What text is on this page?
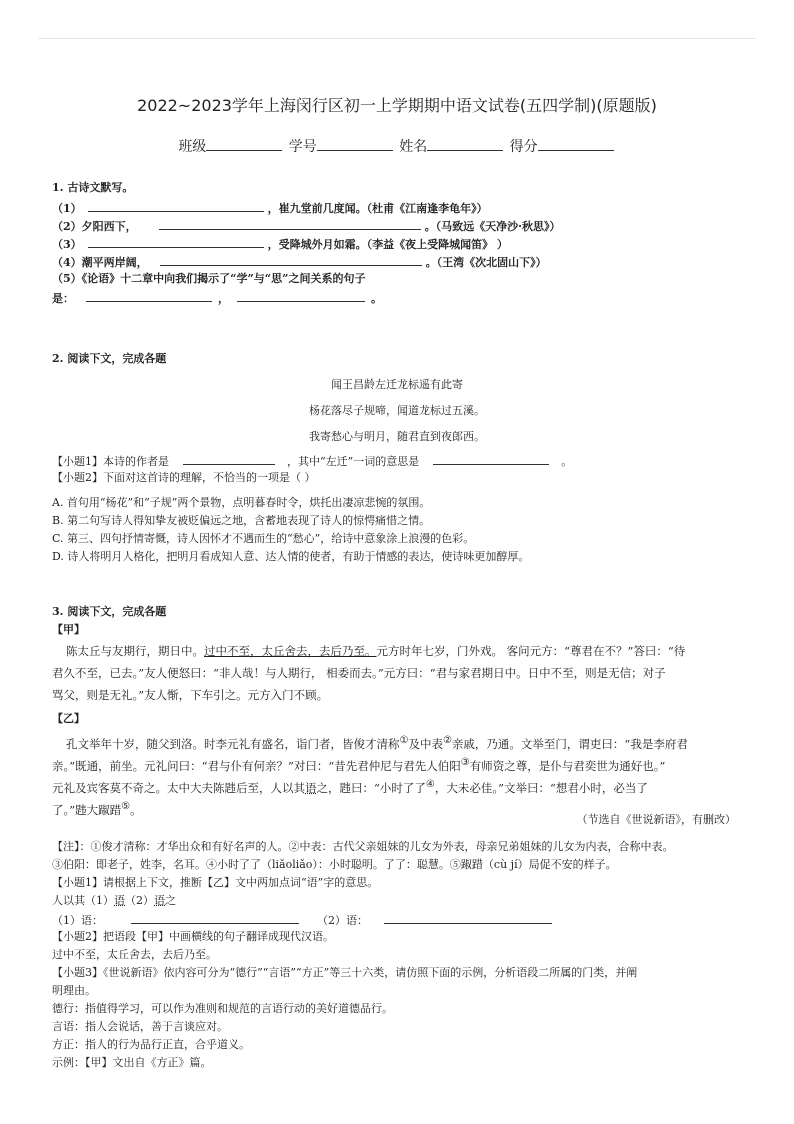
2022~2023学年上海闵行区初一上学期期中语文试卷(五四学制)(原题版)
班级	学号	姓名	得分
1. 古诗文默写。
（1）	，崔九堂前几度闻。（杜甫《江南逢李龟年》）
（2）夕阳西下，	。（马致远《天净沙·秋思》）
（3）	，受降城外月如霜。（李益《夜上受降城闻笛》 ）
（4）潮平两岸阔，	。（王湾《次北固山下》）
（5）《论语》十二章中向我们揭示了“学”与“思”之间关系的句子
是：	，	。
2. 阅读下文，完成各题
闻王昌龄左迁龙标遥有此寄
杨花落尽子规啼，闻道龙标过五溪。
我寄愁心与明月，随君直到夜郎西。
【小题1】本诗的作者是	，其中“左迁”一词的意思是	。
【小题2】下面对这首诗的理解，不恰当的一项是（ ）
A. 首句用“杨花”和“子规”两个景物，点明暮春时令，烘托出凄凉悲惋的氛围。
B. 第二句写诗人得知挚友被贬偏远之地，含蓄地表现了诗人的惊愕痛惜之情。
C. 第三、四句抒情寄慨，诗人因怀才不遇而生的“愁心”，给诗中意象涂上浪漫的色彩。
D. 诗人将明月人格化，把明月看成知人意、达人情的使者，有助于情感的表达，使诗味更加醇厚。
3. 阅读下文，完成各题
【甲】
陈太丘与友期行，期日中。过中不至，太丘舍去，去后乃至。元方时年七岁，门外戏。 客问元方：“尊君在不？”答曰：“待
君久不至，已去。”友人便怒曰：“非人哉！与人期行， 相委而去。”元方曰：“君与家君期日中。日中不至，则是无信；对子
骂父，则是无礼。”友人惭，下车引之。元方入门不顾。
【乙】
孔文举年十岁，随父到洛。时李元礼有盛名，诣门者，皆俊才清称①及中表②亲戚，乃通。文举至门，谓吏曰：“我是李府君
亲。”既通，前坐。元礼问曰：“君与仆有何亲？”对曰：“昔先君仲尼与君先人伯阳③有师资之尊，是仆与君奕世为通好也。”
元礼及宾客莫不奇之。太中大夫陈韪后至，人以其语之，韪曰：“小时了了④，大未必佳。”文举曰：“想君小时，必当了
了。”韪大踧踖⑤。
（节选自《世说新语》，有删改）
【注】：①俊才清称：才华出众和有好名声的人。②中表：古代父亲姐妹的儿女为外表，母亲兄弟姐妹的儿女为内表，合称中表。
③伯阳：即老子，姓李，名耳。④小时了了（liǎoliǎo）：小时聪明。了了：聪慧。⑤踧踖（cù jí）局促不安的样子。
【小题1】请根据上下文，推断【乙】文中两加点词“语”字的意思。
人以其（1）语（2）语之
（1）语：	（2）语：
【小题2】把语段【甲】中画横线的句子翻译成现代汉语。
过中不至，太丘舍去，去后乃至。
【小题3】《世说新语》依内容可分为“德行”“言语”“方正”等三十六类，请仿照下面的示例，分析语段二所属的门类，并阐
明理由。
德行：指值得学习，可以作为准则和规范的言语行动的美好道德品行。
言语：指人会说话，善于言谈应对。
方正：指人的行为品行正直，合乎道义。
示例：【甲】文出自《方正》篇。
